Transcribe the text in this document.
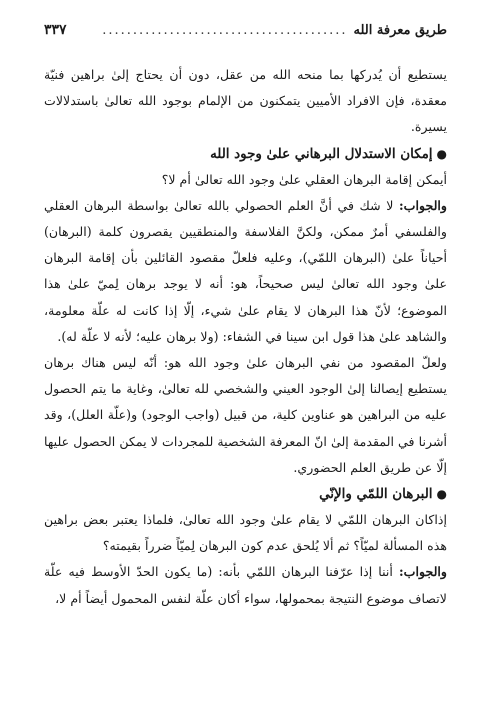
طريق معرفة الله
........................................
٣٣٧

يستطيع أن يُدركها بما منحه الله من عقل، دون أن يحتاج إلىٰ براهين فنيّة معقدة، فإن الافراد الأميين يتمكنون من الإلمام بوجود الله تعالىٰ باستدلالات يسيرة.

●إمكان الاستدلال البرهاني علىٰ وجود الله

أيمكن إقامة البرهان العقلي علىٰ وجود الله تعالىٰ أم لا؟

والجواب: لا شك في أنَّ العلم الحصولي بالله تعالىٰ بواسطة البرهان العقلي والفلسفي أمرٌ ممكن، ولكنَّ الفلاسفة والمنطقيين يقصرون كلمة (البرهان) أحياناً علىٰ (البرهان اللمّي)، وعليه فلعلّ مقصود القائلين بأن إقامة البرهان علىٰ وجود الله تعالىٰ ليس صحيحاً، هو: أنه لا يوجد برهان لِميّ علىٰ هذا الموضوع؛ لأنّ هذا البرهان لا يقام علىٰ شيء، إلّا إذا كانت له علّة معلومة، والشاهد علىٰ هذا قول ابن سينا في الشفاء: (ولا برهان عليه؛ لأنه لا علّة له).

ولعلّ المقصود من نفي البرهان علىٰ وجود الله هو: أنّه ليس هناك برهان يستطيع إيصالنا إلىٰ الوجود العيني والشخصي لله تعالىٰ، وغاية ما يتم الحصول عليه من البراهين هو عناوين كلية، من قبيل (واجب الوجود) و(علّة العلل)، وقد أشرنا في المقدمة إلىٰ انّ المعرفة الشخصية للمجردات لا يمكن الحصول عليها إلّا عن طريق العلم الحضوري.

●البرهان اللمّي والإنّي

إذاكان البرهان اللمّي لا يقام علىٰ وجود الله تعالىٰ، فلماذا يعتبر بعض براهين هذه المسألة لميّاً؟ ثم ألا يُلحق عدم كون البرهان لِميّاً ضرراً بقيمته؟

والجواب: أننا إذا عرّفنا البرهان اللمّي بأنه: (ما يكون الحدّ الأوسط فيه علّة لاتصاف موضوع النتيجة بمحمولها، سواء أكان علّة لنفس المحمول أيضاً أم لا،
